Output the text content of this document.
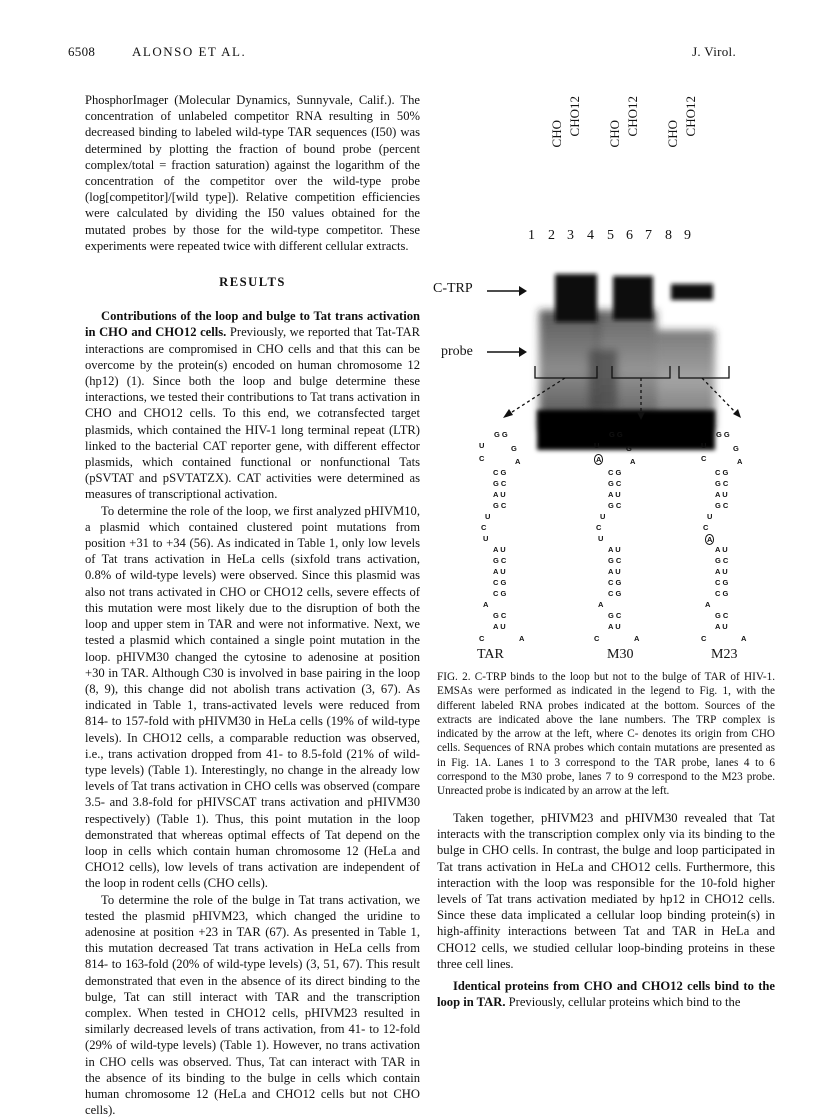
6508	ALONSO ET AL.	J. Virol.

PhosphorImager (Molecular Dynamics, Sunnyvale, Calif.). The concentration of unlabeled competitor RNA resulting in 50% decreased binding to labeled wild-type TAR sequences (I50) was determined by plotting the fraction of bound probe (percent complex/total = fraction saturation) against the logarithm of the concentration of the competitor over the wild-type probe (log[competitor]/[wild type]). Relative competition efficiencies were calculated by dividing the I50 values obtained for the mutated probes by those for the wild-type competitor. These experiments were repeated twice with different cellular extracts.

RESULTS

Contributions of the loop and bulge to Tat trans activation in CHO and CHO12 cells. Previously, we reported that Tat-TAR interactions are compromised in CHO cells and that this can be overcome by the protein(s) encoded on human chromosome 12 (hp12) (1). Since both the loop and bulge determine these interactions, we tested their contributions to Tat trans activation in CHO and CHO12 cells. To this end, we cotransfected target plasmids, which contained the HIV-1 long terminal repeat (LTR) linked to the bacterial CAT reporter gene, with different effector plasmids, which contained functional or nonfunctional Tats (pSVTAT and pSVTATZX). CAT activities were determined as measures of transcriptional activation.

To determine the role of the loop, we first analyzed pHIVM10, a plasmid which contained clustered point mutations from position +31 to +34 (56). As indicated in Table 1, only low levels of Tat trans activation in HeLa cells (sixfold trans activation, 0.8% of wild-type levels) were observed. Since this plasmid was also not trans activated in CHO or CHO12 cells, severe effects of this mutation were most likely due to the disruption of both the loop and upper stem in TAR and were not informative. Next, we tested a plasmid which contained a single point mutation in the loop. pHIVM30 changed the cytosine to adenosine at position +30 in TAR. Although C30 is involved in base pairing in the loop (8, 9), this change did not abolish trans activation (3, 67). As indicated in Table 1, trans-activated levels were reduced from 814- to 157-fold with pHIVM30 in HeLa cells (19% of wild-type levels). In CHO12 cells, a comparable reduction was observed, i.e., trans activation dropped from 41- to 8.5-fold (21% of wild-type levels) (Table 1). Interestingly, no change in the already low levels of Tat trans activation in CHO cells was observed (compare 3.5- and 3.8-fold for pHIVSCAT trans activation and pHIVM30 respectively) (Table 1). Thus, this point mutation in the loop demonstrated that whereas optimal effects of Tat depend on the loop in cells which contain human chromosome 12 (HeLa and CHO12 cells), low levels of trans activation are independent of the loop in rodent cells (CHO cells).

To determine the role of the bulge in Tat trans activation, we tested the plasmid pHIVM23, which changed the uridine to adenosine at position +23 in TAR (67). As presented in Table 1, this mutation decreased Tat trans activation in HeLa cells from 814- to 163-fold (20% of wild-type levels) (3, 51, 67). This result demonstrated that even in the absence of its direct binding to the bulge, Tat can still interact with TAR and the transcription complex. When tested in CHO12 cells, pHIVM23 resulted in similarly decreased levels of trans activation, from 41- to 12-fold (29% of wild-type levels) (Table 1). However, no trans activation in CHO cells was observed. Thus, Tat can interact with TAR in the absence of its binding to the bulge in cells which contain human chromosome 12 (HeLa and CHO12 cells but not CHO cells).

CHO CHO12 CHO CHO12 CHO CHO12
1 2 3 4 5 6 7 8 9
C-TRP
probe
G G
U	G
C	A
C G
G C
A U
G C
U
C
U
A U
G C
A U
C G
C G
A
G C
A U
C	A
G G
U	G
A	A
C G
G C
A U
G C
U
C
U
A U
G C
A U
C G
C G
A
G C
A U
C	A
G G
U	G
C	A
C G
G C
A U
G C
U
C
A
A U
G C
A U
C G
C G
A
G C
A U
C	A
TAR	M30	M23
FIG. 2. C-TRP binds to the loop but not to the bulge of TAR of HIV-1. EMSAs were performed as indicated in the legend to Fig. 1, with the different labeled RNA probes indicated at the bottom. Sources of the extracts are indicated above the lane numbers. The TRP complex is indicated by the arrow at the left, where C- denotes its origin from CHO cells. Sequences of RNA probes which contain mutations are presented as in Fig. 1A. Lanes 1 to 3 correspond to the TAR probe, lanes 4 to 6 correspond to the M30 probe, lanes 7 to 9 correspond to the M23 probe. Unreacted probe is indicated by an arrow at the left.

Taken together, pHIVM23 and pHIVM30 revealed that Tat interacts with the transcription complex only via its binding to the bulge in CHO cells. In contrast, the bulge and loop participated in Tat trans activation in HeLa and CHO12 cells. Furthermore, this interaction with the loop was responsible for the 10-fold higher levels of Tat trans activation mediated by hp12 in CHO12 cells. Since these data implicated a cellular loop binding protein(s) in high-affinity interactions between Tat and TAR in HeLa and CHO12 cells, we studied cellular loop-binding proteins in these three cell lines.

Identical proteins from CHO and CHO12 cells bind to the loop in TAR. Previously, cellular proteins which bind to the
